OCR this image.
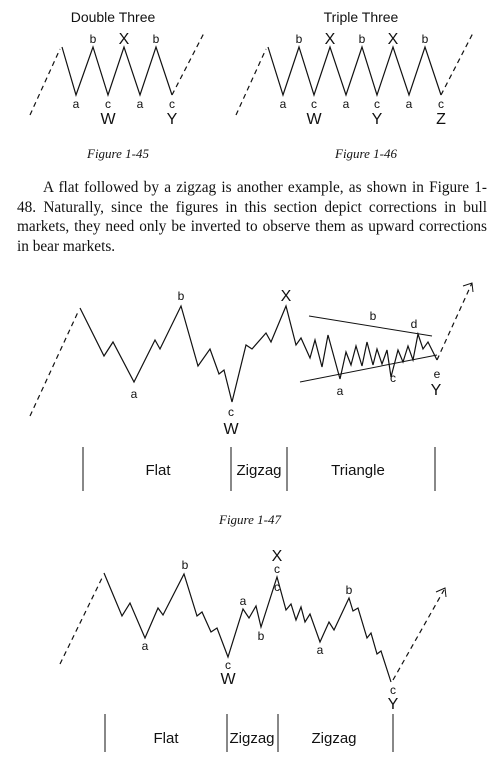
Double Three
a
b
c
W
X
a
b
c
Y
Figure 1-45
Triple Three
a
b
c
W
X
a
b
c
Y
X
a
b
c
Z
Figure 1-46
a
b
c
W
X
a
b
c
d
e
Y
Flat	Zigzag	Triangle
Figure 1-47
a
b
c
W
X
c
a
b
c
a
b
c
Y
Flat	Zigzag Zigzag

A flat followed by a zigzag is another example, as shown in Figure 1-48. Naturally, since the figures in this section depict corrections in bull markets, they need only be inverted to observe them as upward corrections in bear markets.
